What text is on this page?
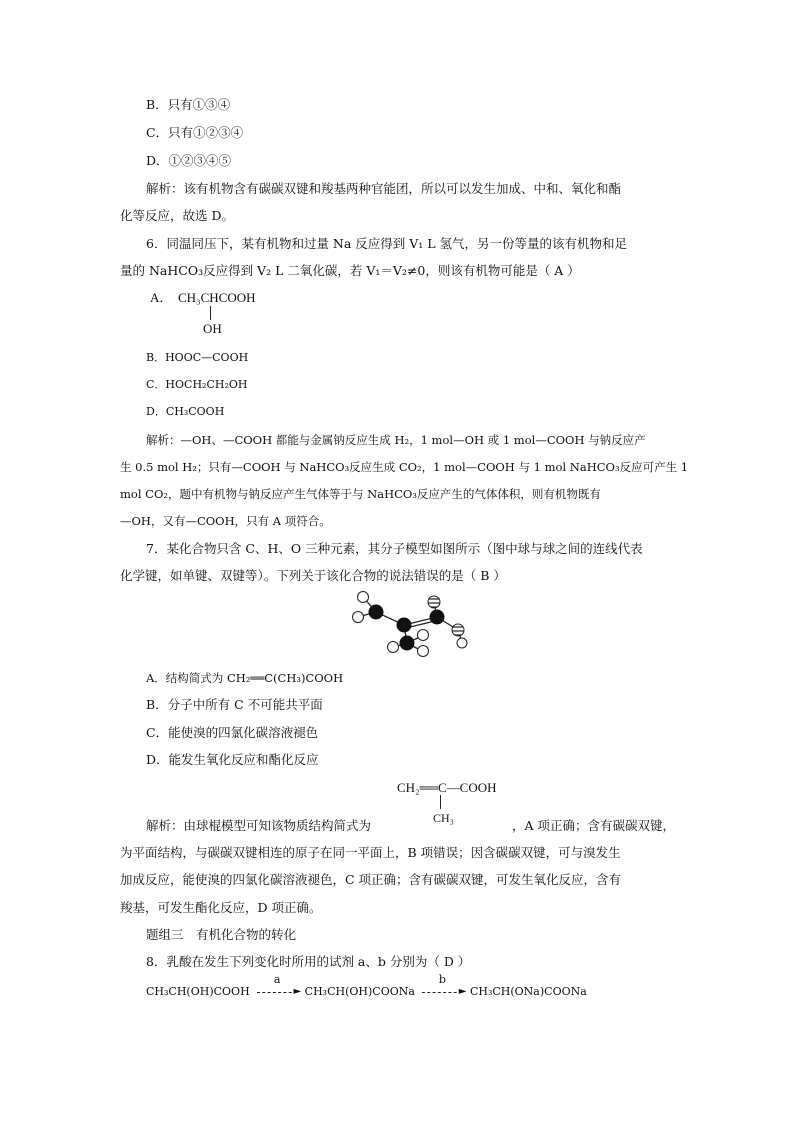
B．只有①③④
C．只有①②③④
D．①②③④⑤
解析：该有机物含有碳碳双键和羧基两种官能团，所以可以发生加成、中和、氧化和酯
化等反应，故选 D。
6．同温同压下，某有机物和过量 Na 反应得到 V₁ L 氢气，另一份等量的该有机物和足
量的 NaHCO₃反应得到 V₂ L 二氧化碳，若 V₁＝V₂≠0，则该有机物可能是（ A ）
A． CH₃CHCOOH
OH
B．HOOC—COOH
C．HOCH₂CH₂OH
D．CH₃COOH
解析：—OH、—COOH 都能与金属钠反应生成 H₂，1 mol—OH 或 1 mol—COOH 与钠反应产
生 0.5 mol H₂；只有—COOH 与 NaHCO₃反应生成 CO₂，1 mol—COOH 与 1 mol NaHCO₃反应可产生 1
mol CO₂，题中有机物与钠反应产生气体等于与 NaHCO₃反应产生的气体体积，则有机物既有
—OH，又有—COOH，只有 A 项符合。
7．某化合物只含 C、H、O 三种元素，其分子模型如图所示（图中球与球之间的连线代表
化学键，如单键、双键等）。下列关于该化合物的说法错误的是（ B ）
A．结构简式为 CH₂══C(CH₃)COOH
B．分子中所有 C 不可能共平面
C．能使溴的四氯化碳溶液褪色
D．能发生氧化反应和酯化反应
CH₂══C—COOH
CH₃
解析：由球棍模型可知该物质结构简式为	，A 项正确；含有碳碳双键，
为平面结构，与碳碳双键相连的原子在同一平面上，B 项错误；因含碳碳双键，可与溴发生
加成反应，能使溴的四氯化碳溶液褪色，C 项正确；含有碳碳双键，可发生氧化反应，含有
羧基，可发生酯化反应，D 项正确。
题组三　有机化合物的转化
8．乳酸在发生下列变化时所用的试剂 a、b 分别为（ D ）
CH₃CH(OH)COOH
a
► CH₃CH(OH)COONa
b
► CH₃CH(ONa)COONa
